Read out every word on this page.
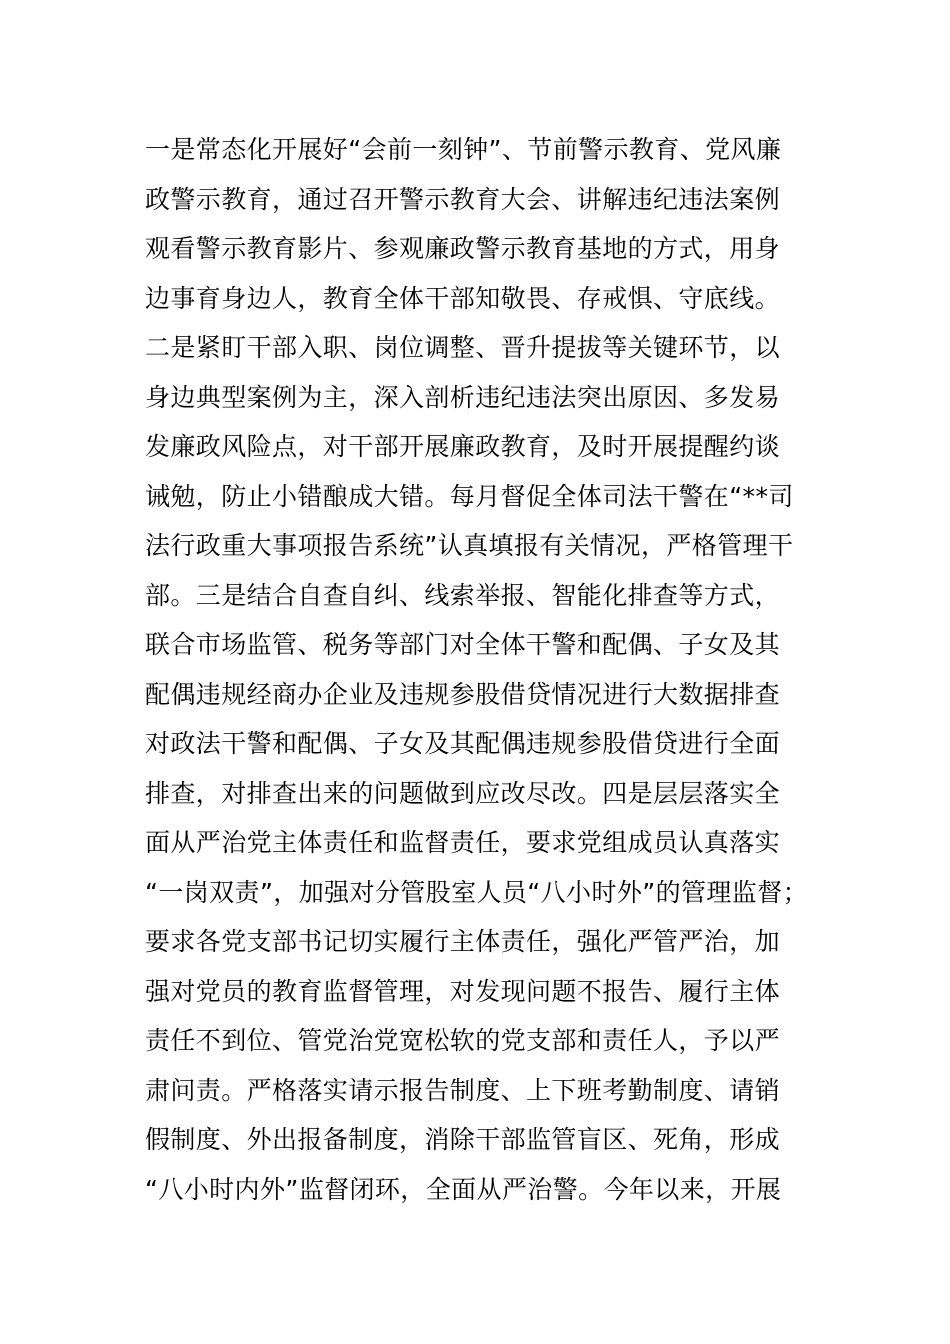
一是常态化开展好“会前一刻钟”、节前警示教育、党风廉
政警示教育，通过召开警示教育大会、讲解违纪违法案例
观看警示教育影片、参观廉政警示教育基地的方式，用身
边事育身边人，教育全体干部知敬畏、存戒惧、守底线。
二是紧盯干部入职、岗位调整、晋升提拔等关键环节，以
身边典型案例为主，深入剖析违纪违法突出原因、多发易
发廉政风险点，对干部开展廉政教育，及时开展提醒约谈
诫勉，防止小错酿成大错。每月督促全体司法干警在“**司
法行政重大事项报告系统”认真填报有关情况，严格管理干
部。三是结合自查自纠、线索举报、智能化排查等方式，
联合市场监管、税务等部门对全体干警和配偶、子女及其
配偶违规经商办企业及违规参股借贷情况进行大数据排查
对政法干警和配偶、子女及其配偶违规参股借贷进行全面
排查，对排查出来的问题做到应改尽改。四是层层落实全
面从严治党主体责任和监督责任，要求党组成员认真落实
“一岗双责”，加强对分管股室人员“八小时外”的管理监督；
要求各党支部书记切实履行主体责任，强化严管严治，加
强对党员的教育监督管理，对发现问题不报告、履行主体
责任不到位、管党治党宽松软的党支部和责任人，予以严
肃问责。严格落实请示报告制度、上下班考勤制度、请销
假制度、外出报备制度，消除干部监管盲区、死角，形成
“八小时内外”监督闭环，全面从严治警。今年以来，开展
